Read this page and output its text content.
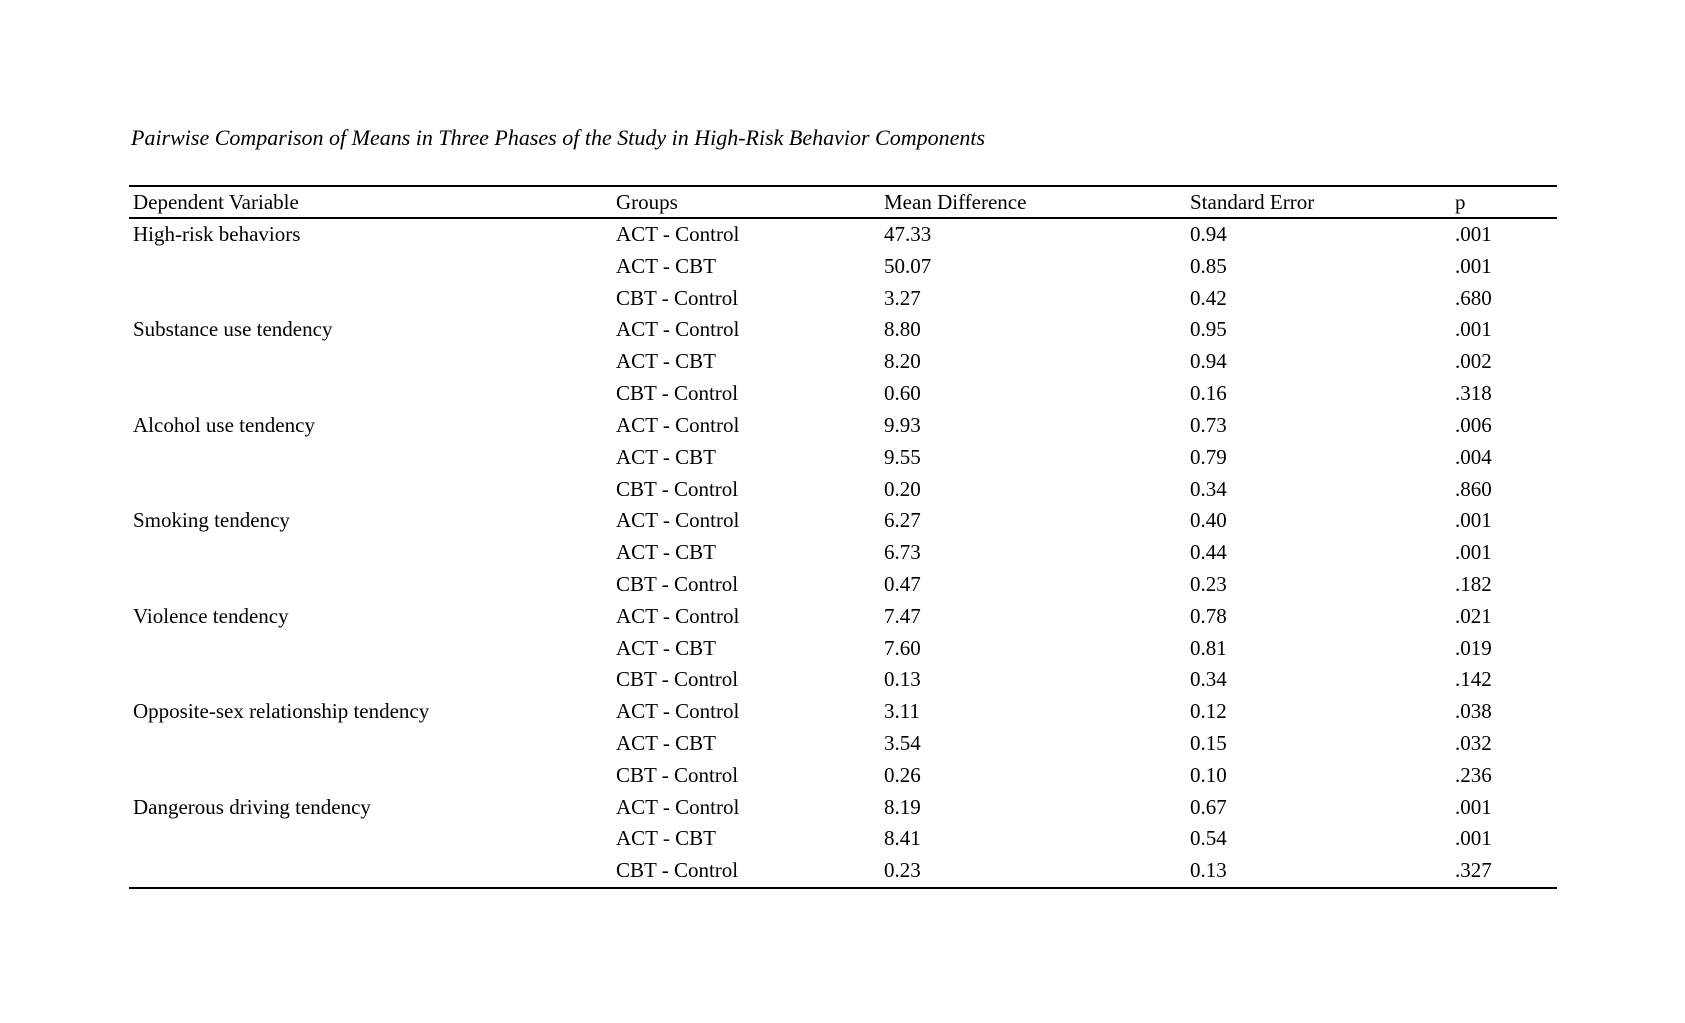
Pairwise Comparison of Means in Three Phases of the Study in High-Risk Behavior Components
Dependent Variable	Groups	Mean Difference	Standard Error	p
High-risk behaviors	ACT - Control	47.33	0.94	.001
	ACT - CBT	50.07	0.85	.001
	CBT - Control	3.27	0.42	.680
Substance use tendency	ACT - Control	8.80	0.95	.001
	ACT - CBT	8.20	0.94	.002
	CBT - Control	0.60	0.16	.318
Alcohol use tendency	ACT - Control	9.93	0.73	.006
	ACT - CBT	9.55	0.79	.004
	CBT - Control	0.20	0.34	.860
Smoking tendency	ACT - Control	6.27	0.40	.001
	ACT - CBT	6.73	0.44	.001
	CBT - Control	0.47	0.23	.182
Violence tendency	ACT - Control	7.47	0.78	.021
	ACT - CBT	7.60	0.81	.019
	CBT - Control	0.13	0.34	.142
Opposite-sex relationship tendency	ACT - Control	3.11	0.12	.038
	ACT - CBT	3.54	0.15	.032
	CBT - Control	0.26	0.10	.236
Dangerous driving tendency	ACT - Control	8.19	0.67	.001
	ACT - CBT	8.41	0.54	.001
	CBT - Control	0.23	0.13	.327
